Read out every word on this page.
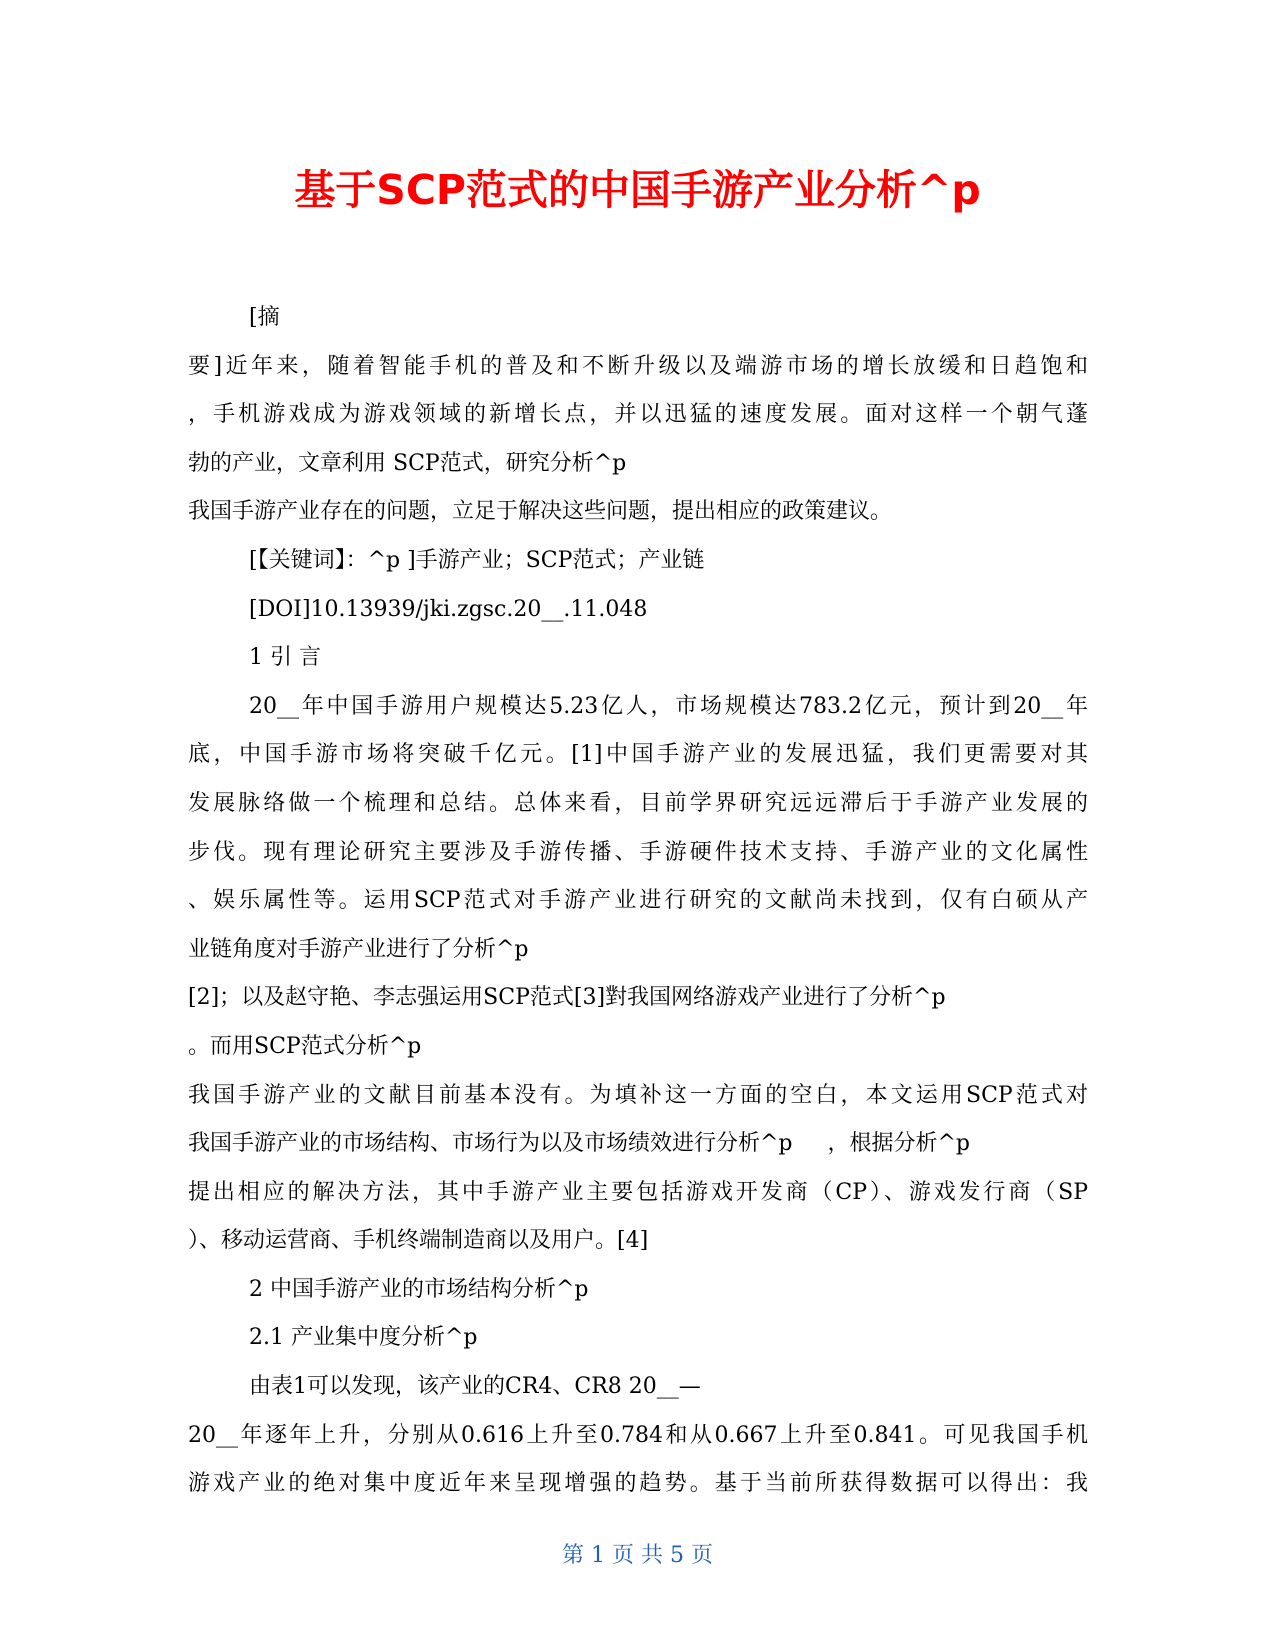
基于SCP范式的中国手游产业分析^p
[摘
要]近年来，随着智能手机的普及和不断升级以及端游市场的增长放缓和日趋饱和
，手机游戏成为游戏领域的新增长点，并以迅猛的速度发展。面对这样一个朝气蓬
勃的产业，文章利用 SCP范式，研究分析^p
我国手游产业存在的问题，立足于解决这些问题，提出相应的政策建议。
[【关键词】：^p ]手游产业；SCP范式；产业链
[DOI]10.13939/jki.zgsc.20__.11.048
1 引 言
20__年中国手游用户规模达5.23亿人，市场规模达783.2亿元，预计到20__年
底，中国手游市场将突破千亿元。[1]中国手游产业的发展迅猛，我们更需要对其
发展脉络做一个梳理和总结。总体来看，目前学界研究远远滞后于手游产业发展的
步伐。现有理论研究主要涉及手游传播、手游硬件技术支持、手游产业的文化属性
、娱乐属性等。运用SCP范式对手游产业进行研究的文献尚未找到，仅有白硕从产
业链角度对手游产业进行了分析^p
[2]；以及赵守艳、李志强运用SCP范式[3]對我国网络游戏产业进行了分析^p
。而用SCP范式分析^p
我国手游产业的文献目前基本没有。为填补这一方面的空白，本文运用SCP范式对
我国手游产业的市场结构、市场行为以及市场绩效进行分析^p     ，根据分析^p
提出相应的解决方法，其中手游产业主要包括游戏开发商（CP）、游戏发行商（SP
）、移动运营商、手机终端制造商以及用户。[4]
2 中国手游产业的市场结构分析^p
2.1 产业集中度分析^p
由表1可以发现，该产业的CR4、CR8 20__—
20__年逐年上升，分别从0.616上升至0.784和从0.667上升至0.841。可见我国手机
游戏产业的绝对集中度近年来呈现增强的趋势。基于当前所获得数据可以得出：我
第 1 页 共 5 页
